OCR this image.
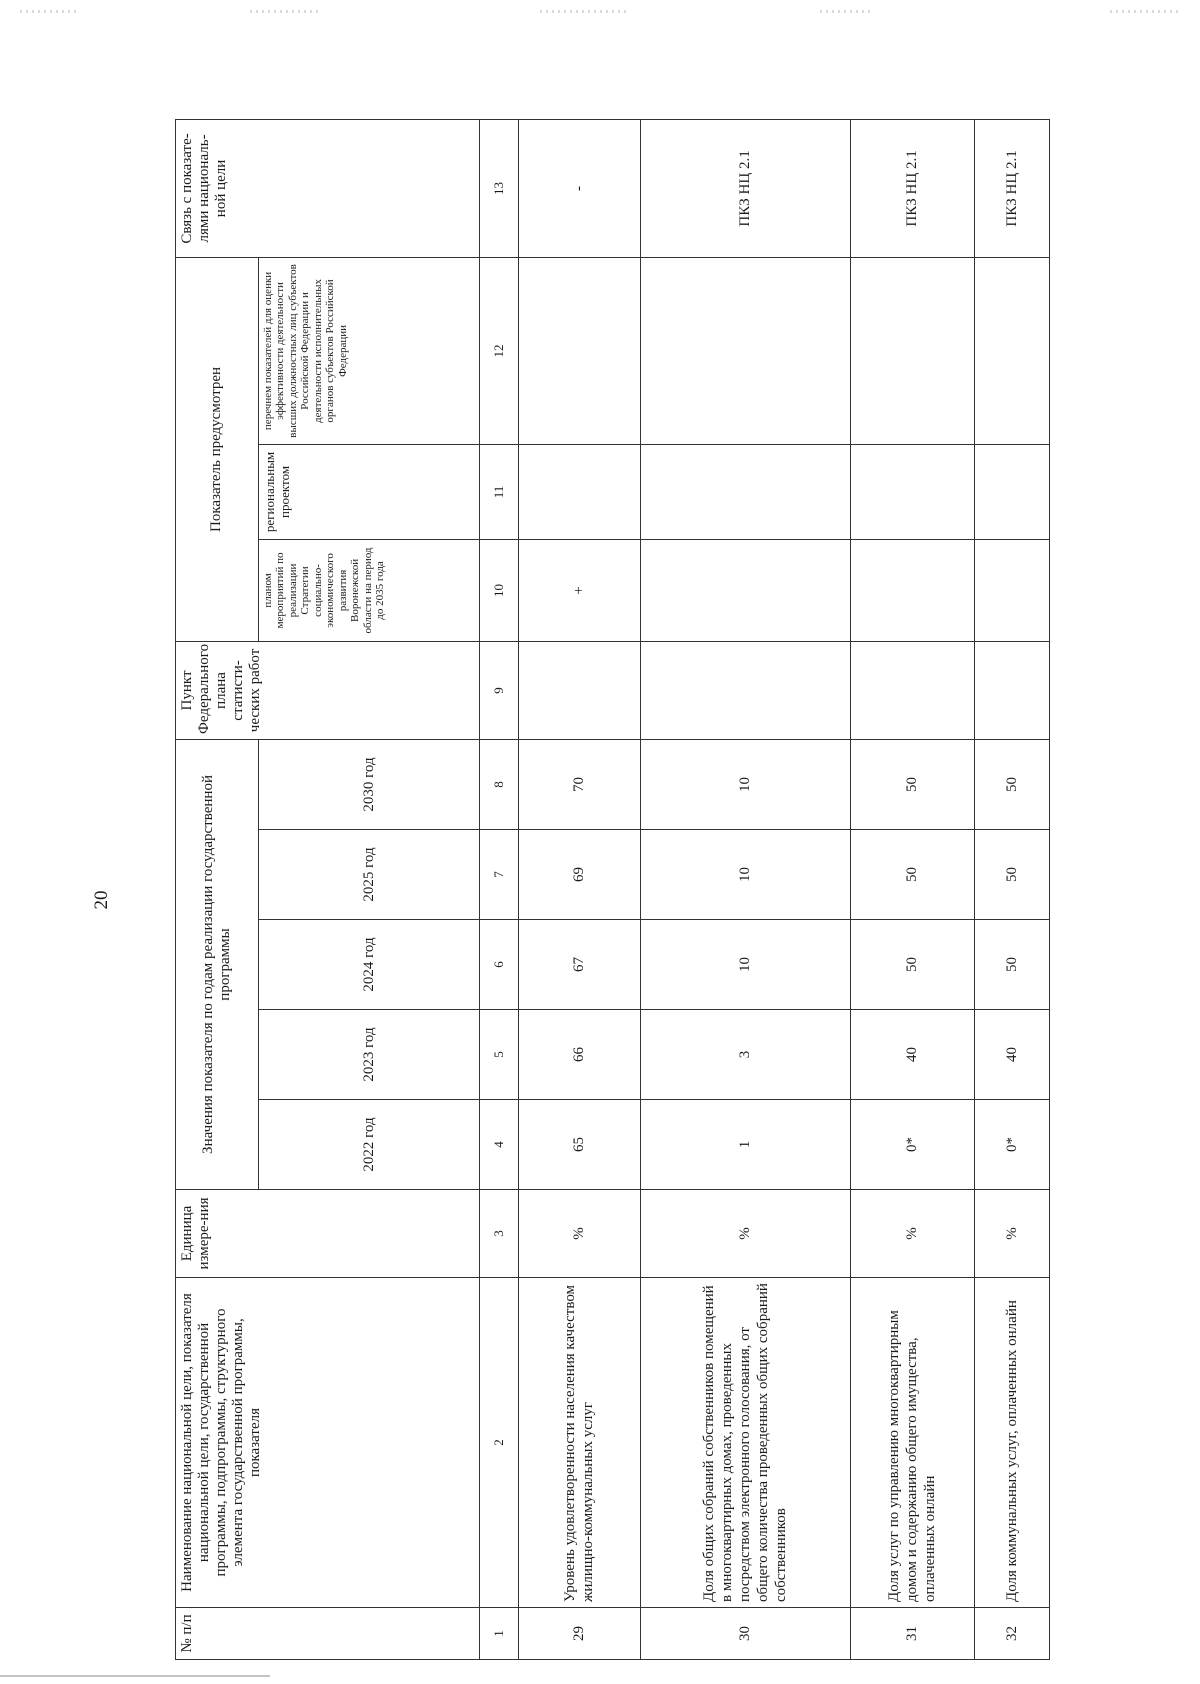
20
№ п/п	Наименование национальной цели, показателя национальной цели, государственной программы, подпрограммы, структурного элемента государственной программы, показателя	Единица измере-ния	Значения показателя по годам реализации государственной программы					Пункт Федерального плана статисти-ческих работ	Показатель предусмотрен			Связь с показате-лями националь-ной цели
			2022 год	2023 год	2024 год	2025 год	2030 год		планом мероприятий по реализации Стратегии социально-экономического развития Воронежской области на период до 2035 года	региональным проектом	перечнем показателей для оценки эффективности деятельности высших должностных лиц субъектов Российской Федерации и деятельности исполнительных органов субъектов Российской Федерации	
1	2	3	4	5	6	7	8	9	10	11	12	13
29	Уровень удовлетворенности населения качеством жилищно-коммунальных услуг	%	65	66	67	69	70		+			-
30	Доля общих собраний собственников помещений в многоквартирных домах, проведенных посредством электронного голосования, от общего количества проведенных общих собраний собственников	%	1	3	10	10	10					ПКЗ НЦ 2.1
31	Доля услуг по управлению многоквартирным домом и содержанию общего имущества, оплаченных онлайн	%	0*	40	50	50	50					ПКЗ НЦ 2.1
32	Доля коммунальных услуг, оплаченных онлайн	%	0*	40	50	50	50					ПКЗ НЦ 2.1
